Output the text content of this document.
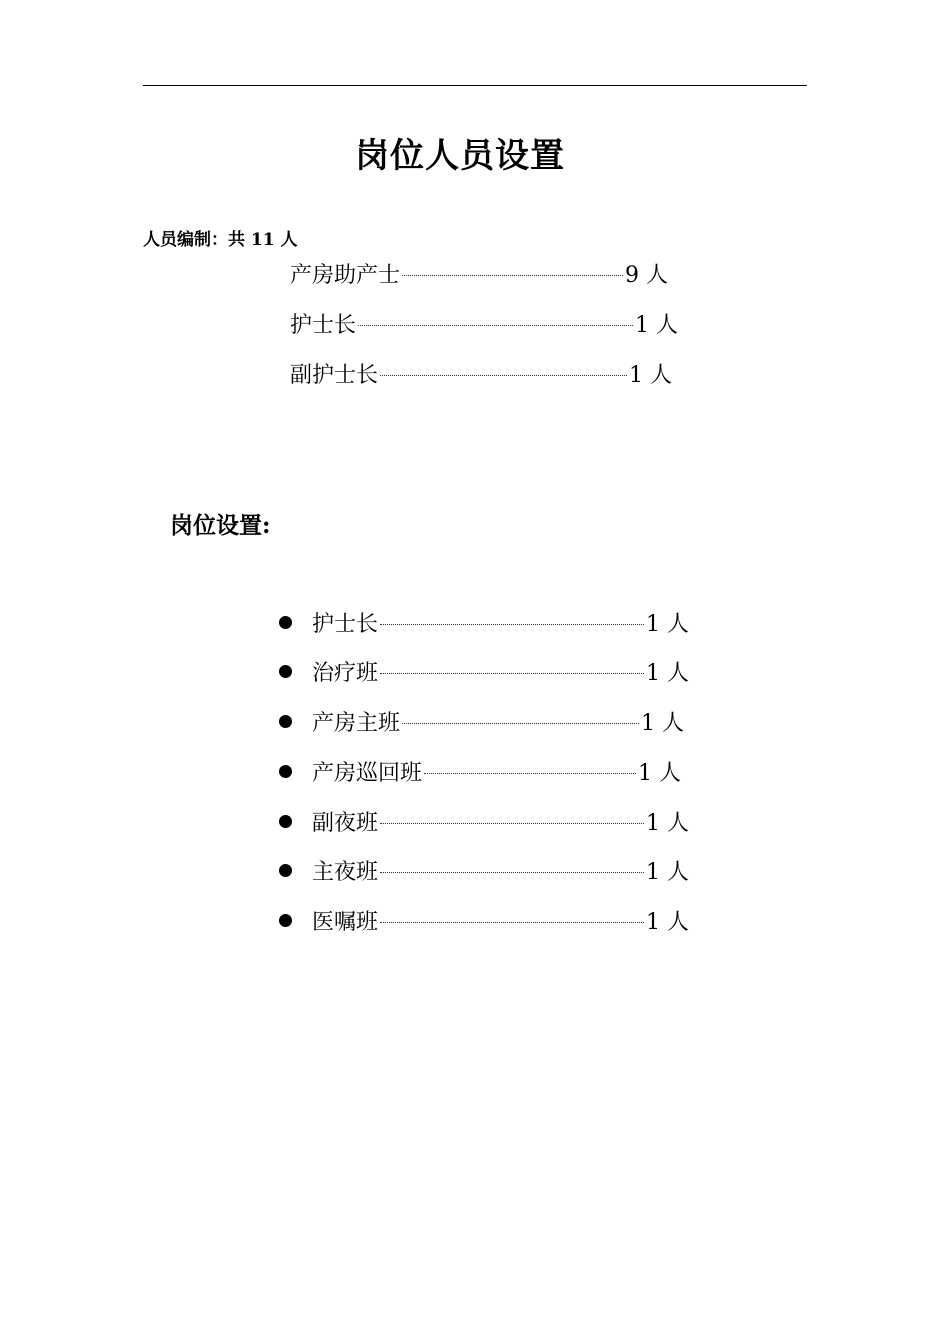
岗位人员设置
人员编制：共 11 人
产房助产士	9 人
护士长	1 人
副护士长	1 人
岗位设置:
护士长	1 人
治疗班	1 人
产房主班	1 人
产房巡回班	1 人
副夜班	1 人
主夜班	1 人
医嘱班	1 人
